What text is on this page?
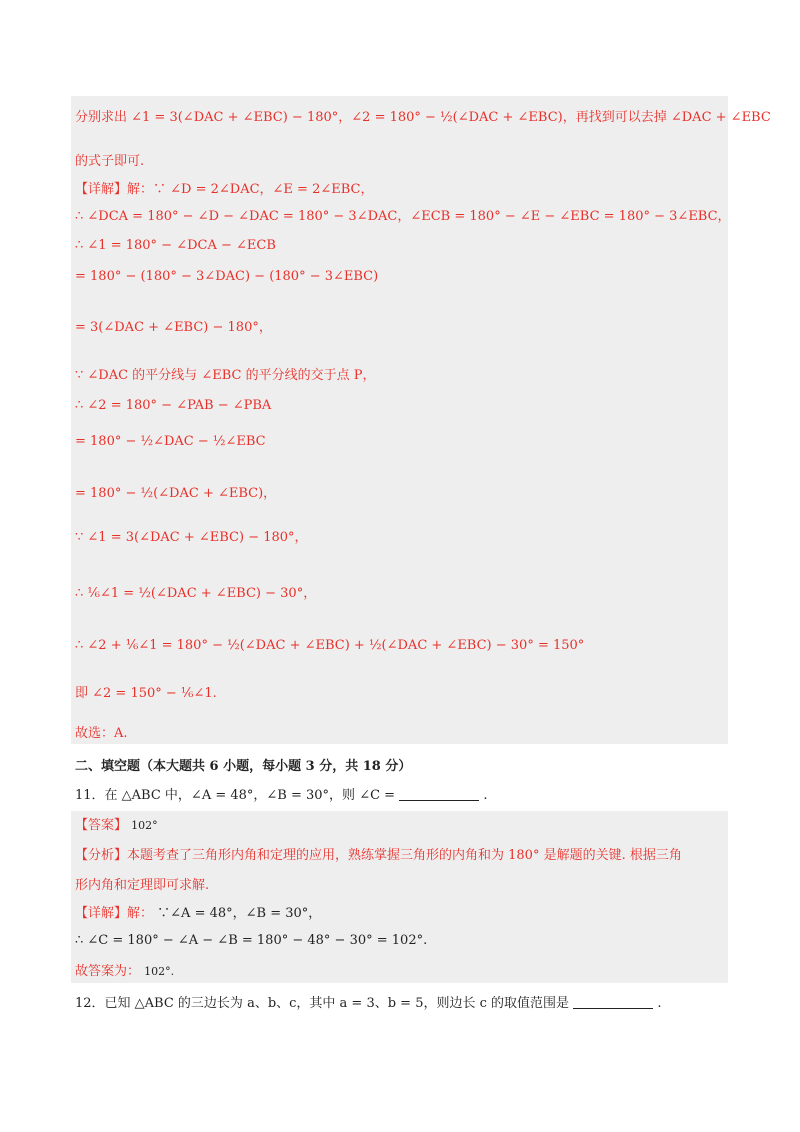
分别求出 ∠1 = 3(∠DAC + ∠EBC) − 180°，∠2 = 180° − ½(∠DAC + ∠EBC)，再找到可以去掉 ∠DAC + ∠EBC
的式子即可.
【详解】解：∵ ∠D = 2∠DAC，∠E = 2∠EBC，
∴ ∠DCA = 180° − ∠D − ∠DAC = 180° − 3∠DAC，∠ECB = 180° − ∠E − ∠EBC = 180° − 3∠EBC，
∴ ∠1 = 180° − ∠DCA − ∠ECB
= 180° − (180° − 3∠DAC) − (180° − 3∠EBC)
= 3(∠DAC + ∠EBC) − 180°，
∵ ∠DAC 的平分线与 ∠EBC 的平分线的交于点 P，
∴ ∠2 = 180° − ∠PAB − ∠PBA
= 180° − ½∠DAC − ½∠EBC
= 180° − ½(∠DAC + ∠EBC)，
∵ ∠1 = 3(∠DAC + ∠EBC) − 180°，
∴ ⅙∠1 = ½(∠DAC + ∠EBC) − 30°，
∴ ∠2 + ⅙∠1 = 180° − ½(∠DAC + ∠EBC) + ½(∠DAC + ∠EBC) − 30° = 150°
即 ∠2 = 150° − ⅙∠1.
故选：A.
二、填空题（本大题共 6 小题，每小题 3 分，共 18 分）
11．在 △ABC 中，∠A = 48°，∠B = 30°，则 ∠C =	.
【答案】 102°
【分析】本题考查了三角形内角和定理的应用，熟练掌握三角形的内角和为 180° 是解题的关键. 根据三角
形内角和定理即可求解.
【详解】解： ∵∠A = 48°，∠B = 30°，
∴ ∠C = 180° − ∠A − ∠B = 180° − 48° − 30° = 102°.
故答案为： 102°.
12．已知 △ABC 的三边长为 a、b、c，其中 a = 3、b = 5，则边长 c 的取值范围是	.
